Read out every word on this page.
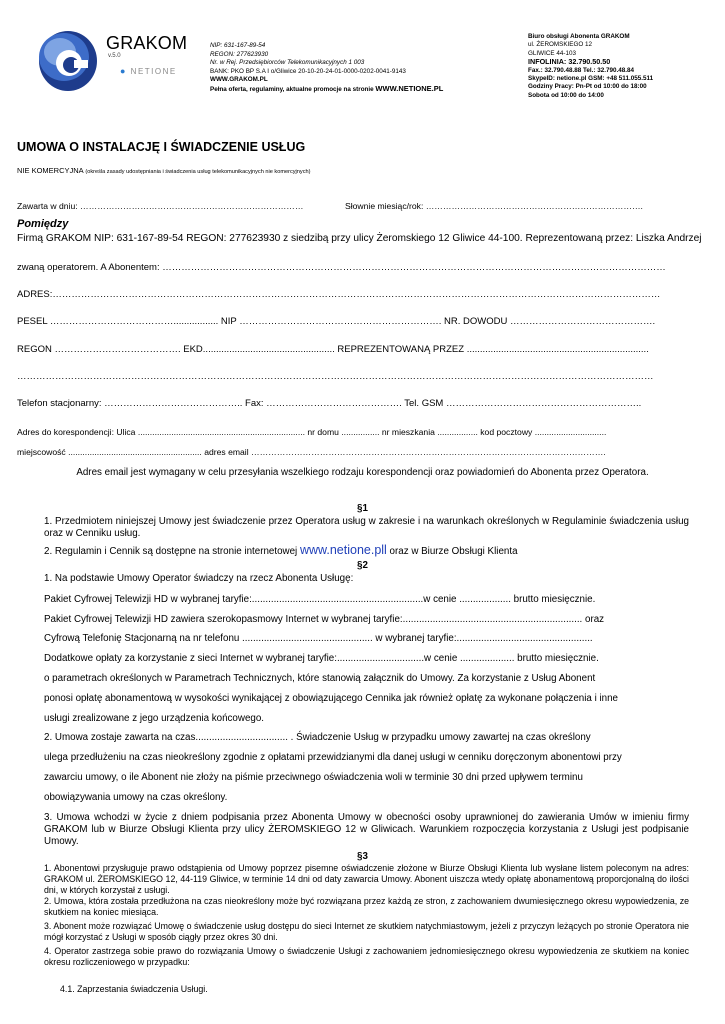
GRAKOM
v.5.0
● NETIONE
NIP: 631-167-89-54
REGON: 277623930
Nr. w Rej. Przedsiębiorców Telekomunikacyjnych 1 003
BANK: PKO BP S.A I o/Gliwice 20-10-20-24-01-0000-0202-0041-9143
WWW.GRAKOM.PL
Pełna oferta, regulaminy, aktualne promocje na stronie WWW.NETIONE.PL
Biuro obsługi Abonenta GRAKOM
ul. ŻEROMSKIEGO 12
GLIWICE 44-103
INFOLINIA: 32.790.50.50
Fax.: 32.790.48.88 Tel.: 32.790.48.84
SkypeID: netione.pl GSM: +48 511.055.511
Godziny Pracy: Pn-Pt od 10:00 do 18:00
Sobota od 10:00 do 14:00
UMOWA O INSTALACJĘ I ŚWIADCZENIE USŁUG
NIE KOMERCYJNA (określa zasady udostępniania i świadczenia usług telekomunikacyjnych nie komercyjnych)
Zawarta w dniu: ……………………………………………………………………	Słownie miesiąc/rok: ………………………………………………………………….
Pomiędzy
Firmą GRAKOM NIP: 631-167-89-54 REGON: 277623930 z siedzibą przy ulicy Żeromskiego 12 Gliwice 44-100. Reprezentowaną przez: Liszka Andrzej
zwaną operatorem. A Abonentem: ……………………………………………………………………………………………………………………………………………
ADRES:…………………………………………………………………………………………………………………………………………………………………………
PESEL …………………………………................. NIP ………………………………………………………. NR. DOWODU ……………………………………….
REGON …………………………………. EKD.................................................. REPREZENTOWANĄ PRZEZ .....................................................................
…………………………………………………………………………………………………………………………………………………………………………………
Telefon stacjonarny: …………………………………….. Fax: ……………………………………. Tel. GSM ……………………………………………………..
Adres do korespondencji: Ulica ...................................................................... nr domu ................ nr mieszkania ................. kod pocztowy ..............................
miejscowość ........................................................ adres email …………………………………………………………………………………………………………….
Adres email jest wymagany w celu przesyłania wszelkiego rodzaju korespondencji oraz powiadomień do Abonenta przez Operatora.
§1
1. Przedmiotem niniejszej Umowy jest świadczenie przez Operatora usług w zakresie i na warunkach określonych w Regulaminie świadczenia usług oraz w Cenniku usług.
2. Regulamin i Cennik są dostępne na stronie internetowej www.netione.pll oraz w Biurze Obsługi Klienta
§2
1. Na podstawie Umowy Operator świadczy na rzecz Abonenta Usługę:
Pakiet Cyfrowej Telewizji HD w wybranej taryfie:...............................................................w cenie ................... brutto miesięcznie.
Pakiet Cyfrowej Telewizji HD zawiera szerokopasmowy Internet w wybranej taryfie:.................................................................. oraz
Cyfrową Telefonię Stacjonarną na nr telefonu ................................................ w wybranej taryfie:..................................................
Dodatkowe opłaty za korzystanie z sieci Internet w wybranej taryfie:................................w cenie .................... brutto miesięcznie.
o parametrach określonych w Parametrach Technicznych, które stanowią załącznik do Umowy. Za korzystanie z Usług Abonent
ponosi opłatę abonamentową w wysokości wynikającej z obowiązującego Cennika jak również opłatę za wykonane połączenia i inne
usługi zrealizowane z jego urządzenia końcowego.
2. Umowa zostaje zawarta na czas.................................. . Świadczenie Usług w przypadku umowy zawartej na czas określony
ulega przedłużeniu na czas nieokreślony zgodnie z opłatami przewidzianymi dla danej usługi w cenniku doręczonym abonentowi przy
zawarciu umowy, o ile Abonent nie złoży na piśmie przeciwnego oświadczenia woli w terminie 30 dni przed upływem terminu
obowiązywania umowy na czas określony.
3. Umowa wchodzi w życie z dniem podpisania przez Abonenta Umowy w obecności osoby uprawnionej do zawierania Umów w imieniu firmy GRAKOM lub w Biurze Obsługi Klienta przy ulicy ŻEROMSKIEGO 12 w Gliwicach. Warunkiem rozpoczęcia korzystania z Usługi jest podpisanie Umowy.
§3
1. Abonentowi przysługuje prawo odstąpienia od Umowy poprzez pisemne oświadczenie złożone w Biurze Obsługi Klienta lub wysłane listem poleconym na adres: GRAKOM ul. ŻEROMSKIEGO 12, 44-119 Gliwice, w terminie 14 dni od daty zawarcia Umowy. Abonent uiszcza wtedy opłatę abonamentową proporcjonalną do ilości dni, w których korzystał z usługi.
2. Umowa, która została przedłużona na czas nieokreślony może być rozwiązana przez każdą ze stron, z zachowaniem dwumiesięcznego okresu wypowiedzenia, ze skutkiem na koniec miesiąca.
3. Abonent może rozwiązać Umowę o świadczenie usług dostępu do sieci Internet ze skutkiem natychmiastowym, jeżeli z przyczyn leżących po stronie Operatora nie mógł korzystać z Usługi w sposób ciągły przez okres 30 dni.
4. Operator zastrzega sobie prawo do rozwiązania Umowy o świadczenie Usługi z zachowaniem jednomiesięcznego okresu wypowiedzenia ze skutkiem na koniec okresu rozliczeniowego w przypadku:
4.1. Zaprzestania świadczenia Usługi.
